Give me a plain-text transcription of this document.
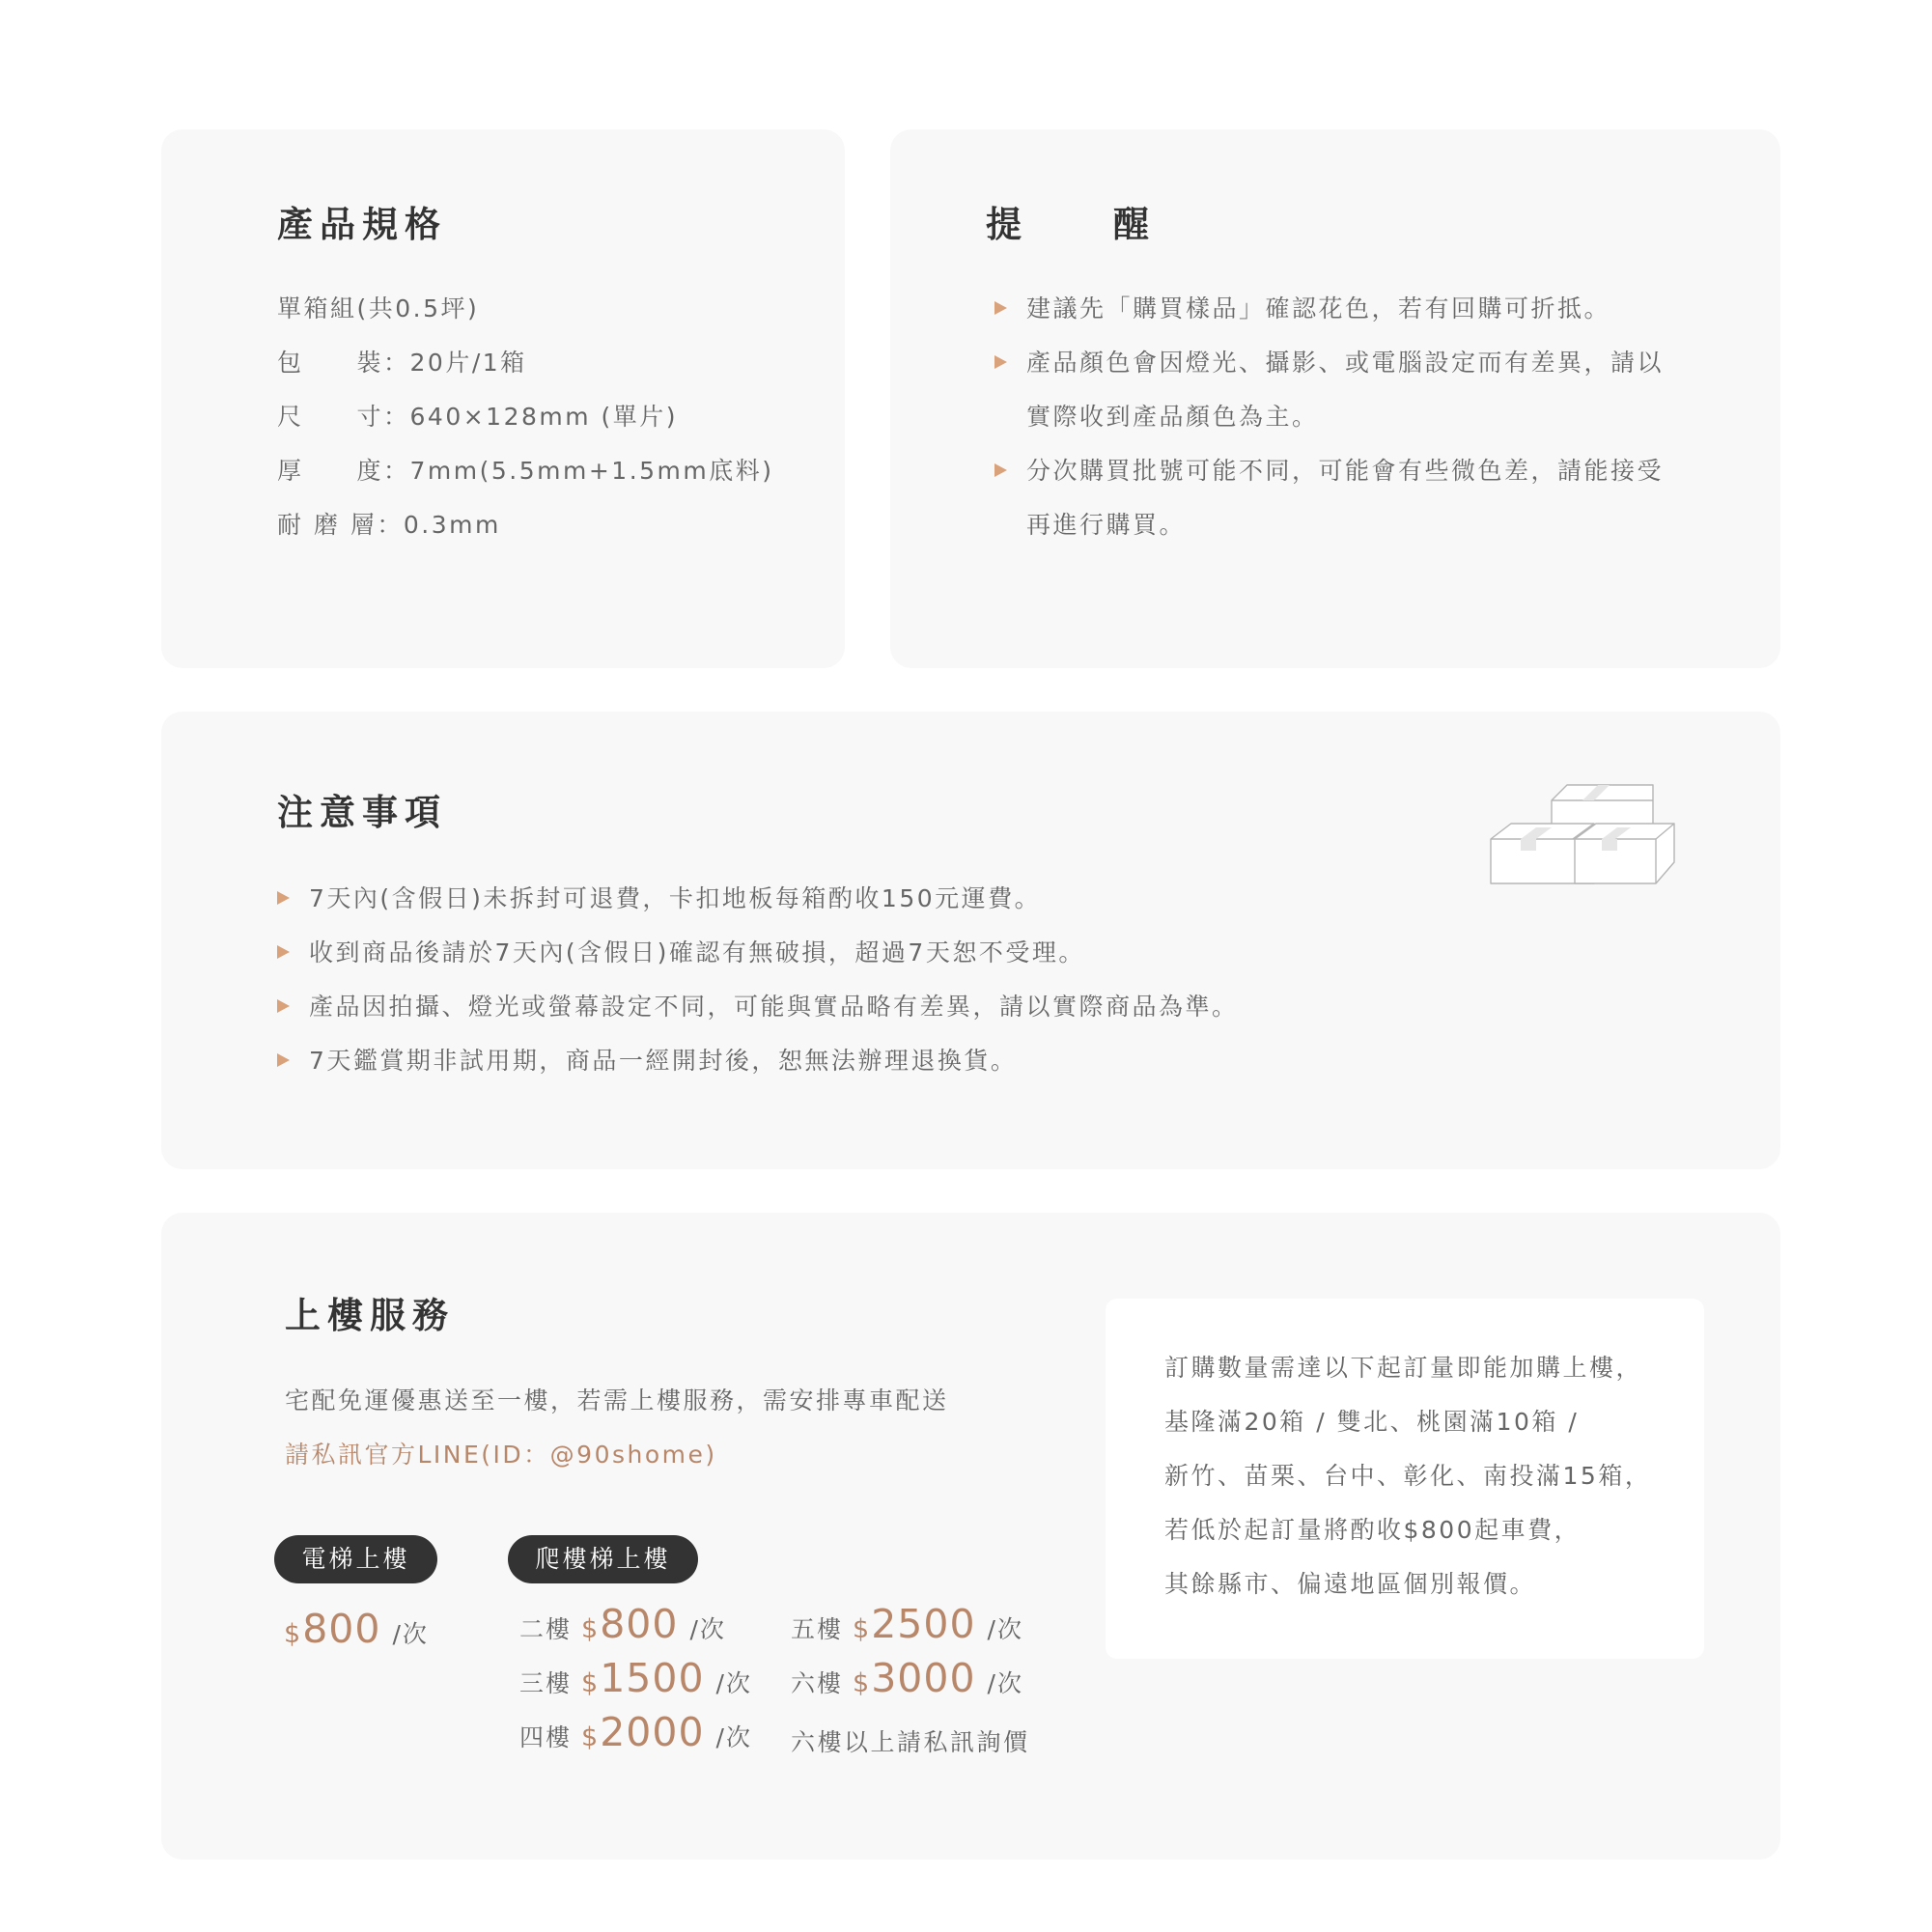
產品規格
單箱組(共0.5坪)
包　　裝：20片/1箱
尺　　寸：640×128mm (單片)
厚　　度：7mm(5.5mm+1.5mm底料)
耐 磨 層：0.3mm
提　　醒
建議先「購買樣品」確認花色，若有回購可折抵。
產品顏色會因燈光、攝影、或電腦設定而有差異，請以
實際收到產品顏色為主。
分次購買批號可能不同，可能會有些微色差，請能接受
再進行購買。
注意事項
7天內(含假日)未拆封可退費，卡扣地板每箱酌收150元運費。
收到商品後請於7天內(含假日)確認有無破損，超過7天恕不受理。
產品因拍攝、燈光或螢幕設定不同，可能與實品略有差異，請以實際商品為準。
7天鑑賞期非試用期，商品一經開封後，恕無法辦理退換貨。
上樓服務
宅配免運優惠送至一樓，若需上樓服務，需安排專車配送
請私訊官方LINE(ID：@90shome)
電梯上樓
$800 /次
爬樓梯上樓
二樓 $800 /次
三樓 $1500 /次
四樓 $2000 /次
五樓 $2500 /次
六樓 $3000 /次
六樓以上請私訊詢價
訂購數量需達以下起訂量即能加購上樓，
基隆滿20箱 / 雙北、桃園滿10箱 /
新竹、苗栗、台中、彰化、南投滿15箱，
若低於起訂量將酌收$800起車費，
其餘縣市、偏遠地區個別報價。
